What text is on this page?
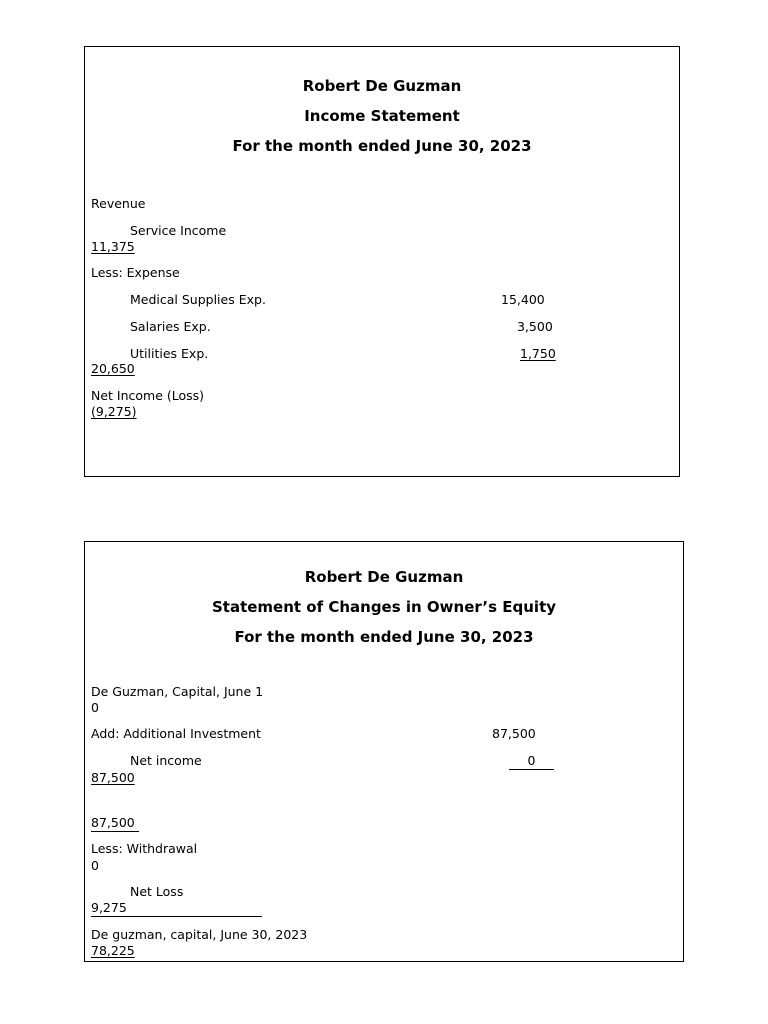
Robert De Guzman
Income Statement
For the month ended June 30, 2023
Revenue
Service Income
11,375
Less: Expense
Medical Supplies Exp.	15,400
Salaries Exp.	3,500
Utilities Exp.	1,750
20,650
Net Income (Loss)
(9,275)
Robert De Guzman
Statement of Changes in Owner’s Equity
For the month ended June 30, 2023
De Guzman, Capital, June 1
0
Add: Additional Investment	87,500
Net income	0
87,500
87,500
Less: Withdrawal
0
Net Loss
9,275
De guzman, capital, June 30, 2023
78,225
